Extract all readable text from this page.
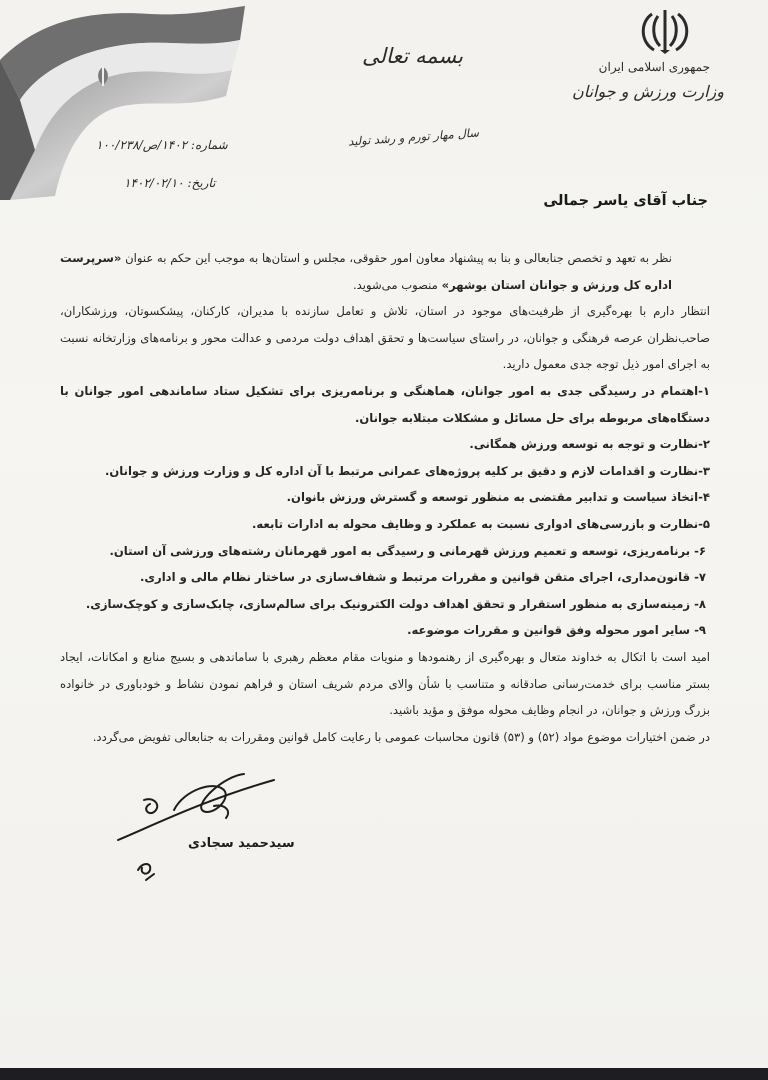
جمهوری اسلامی ایران
وزارت ورزش و جوانان
بسمه تعالی
سال مهار تورم و رشد تولید
شماره: ۱۴۰۲/ص/۱۰۰/۲۳۸
تاریخ: ۱۴۰۲/۰۲/۱۰
جناب آقای یاسر جمالی

نظر به تعهد و تخصص جنابعالی و بنا به پیشنهاد معاون امور حقوقی، مجلس و استان‌ها به موجب این حکم به عنوان «سرپرست اداره کل ورزش و جوانان استان بوشهر» منصوب می‌شوید.

انتظار دارم با بهره‌گیری از ظرفیت‌های موجود در استان، تلاش و تعامل سازنده با مدیران، کارکنان، پیشکسوتان، ورزشکاران، صاحب‌نظران عرصه فرهنگی و جوانان، در راستای سیاست‌ها و تحقق اهداف دولت مردمی و عدالت محور و برنامه‌های وزارتخانه نسبت به اجرای امور ذیل توجه جدی معمول دارید.

۱-اهتمام در رسیدگی جدی به امور جوانان، هماهنگی و برنامه‌ریزی برای تشکیل ستاد ساماندهی امور جوانان با دستگاه‌های مربوطه برای حل مسائل و مشکلات مبتلابه جوانان.

۲-نظارت و توجه به توسعه ورزش همگانی.

۳-نظارت و اقدامات لازم و دقیق بر کلیه پروژه‌های عمرانی مرتبط با آن اداره کل و وزارت ورزش و جوانان.

۴-اتخاذ سیاست و تدابیر مقتضی به منظور توسعه و گسترش ورزش بانوان.

۵-نظارت و بازرسی‌های ادواری نسبت به عملکرد و وظایف محوله به ادارات تابعه.

۶- برنامه‌ریزی، توسعه و تعمیم ورزش قهرمانی و رسیدگی به امور قهرمانان رشته‌های ورزشی آن استان.

۷- قانون‌مداری، اجرای متقن قوانین و مقررات مرتبط و شفاف‌سازی در ساختار نظام مالی و اداری.

۸- زمینه‌سازی به منظور استقرار و تحقق اهداف دولت الکترونیک برای سالم‌سازی، چابک‌سازی و کوچک‌سازی.

۹- سایر امور محوله وفق قوانین و مقررات موضوعه.

امید است با اتکال به خداوند متعال و بهره‌گیری از رهنمودها و منویات مقام معظم رهبری با ساماندهی و بسیج منابع و امکانات، ایجاد بستر مناسب برای خدمت‌رسانی صادقانه و متناسب با شأن والای مردم شریف استان و فراهم نمودن نشاط و خودباوری در خانواده بزرگ ورزش و جوانان، در انجام وظایف محوله موفق و مؤید باشید.

در ضمن اختیارات موضوع مواد (۵۲) و (۵۳) قانون محاسبات عمومی با رعایت کامل قوانین ومقررات به جنابعالی تفویض می‌گردد.

سیدحمید سجادی
